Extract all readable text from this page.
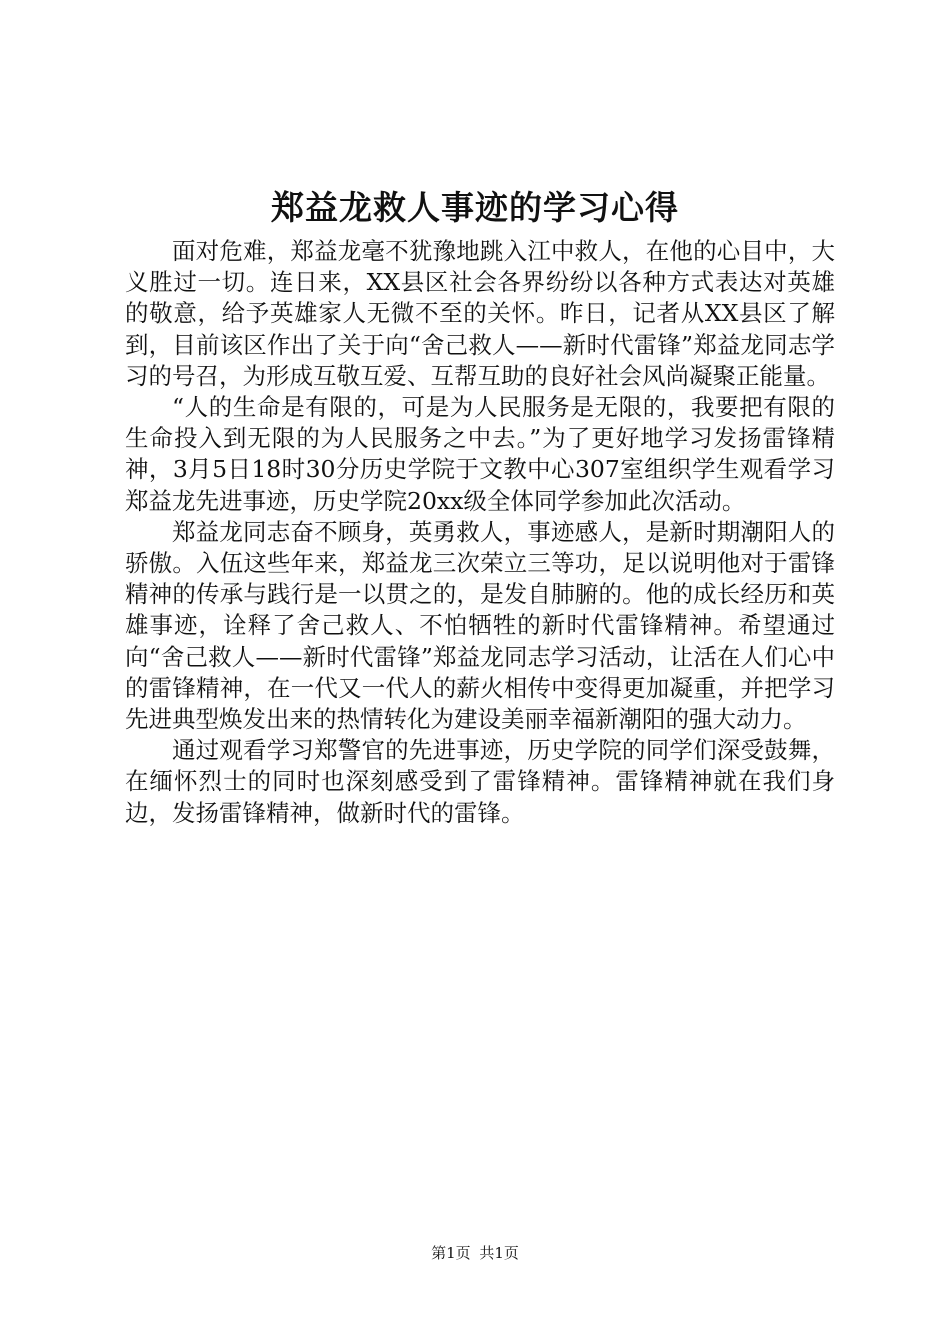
郑益龙救人事迹的学习心得

面对危难，郑益龙毫不犹豫地跳入江中救人，在他的心目中，大义胜过一切。连日来，XX县区社会各界纷纷以各种方式表达对英雄的敬意，给予英雄家人无微不至的关怀。昨日，记者从XX县区了解到，目前该区作出了关于向“舍己救人——新时代雷锋”郑益龙同志学习的号召，为形成互敬互爱、互帮互助的良好社会风尚凝聚正能量。

“人的生命是有限的，可是为人民服务是无限的，我要把有限的生命投入到无限的为人民服务之中去。”为了更好地学习发扬雷锋精神，3月5日18时30分历史学院于文教中心307室组织学生观看学习郑益龙先进事迹，历史学院20xx级全体同学参加此次活动。

郑益龙同志奋不顾身，英勇救人，事迹感人，是新时期潮阳人的骄傲。入伍这些年来，郑益龙三次荣立三等功，足以说明他对于雷锋精神的传承与践行是一以贯之的，是发自肺腑的。他的成长经历和英雄事迹，诠释了舍己救人、不怕牺牲的新时代雷锋精神。希望通过向“舍己救人——新时代雷锋”郑益龙同志学习活动，让活在人们心中的雷锋精神，在一代又一代人的薪火相传中变得更加凝重，并把学习先进典型焕发出来的热情转化为建设美丽幸福新潮阳的强大动力。

通过观看学习郑警官的先进事迹，历史学院的同学们深受鼓舞，在缅怀烈士的同时也深刻感受到了雷锋精神。雷锋精神就在我们身边，发扬雷锋精神，做新时代的雷锋。

第1页 共1页
